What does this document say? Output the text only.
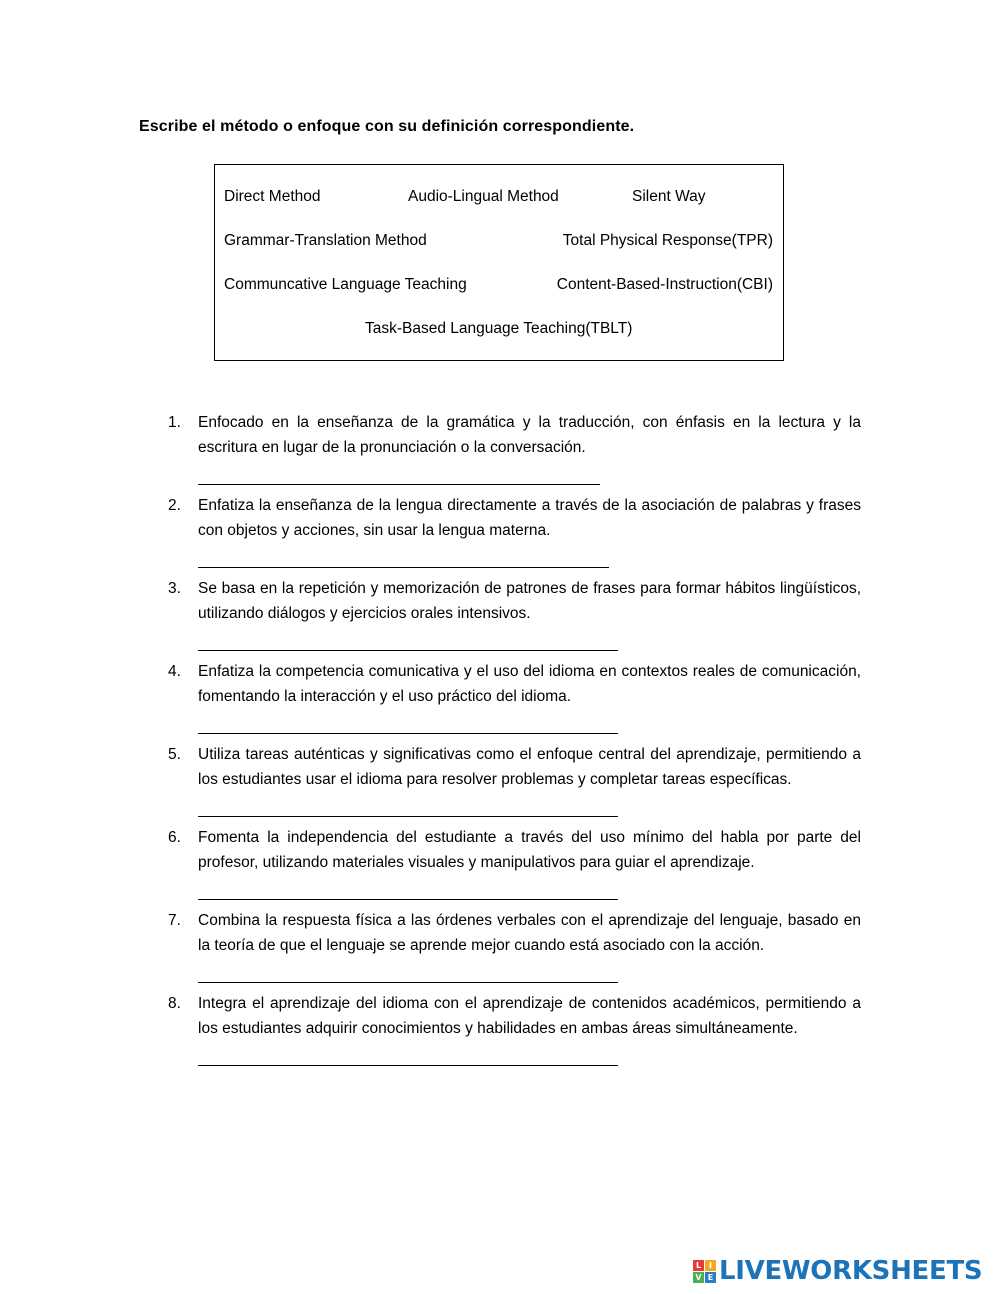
Escribe el método o enfoque con su definición correspondiente.
Direct Method	Audio-Lingual Method	Silent Way
Grammar-Translation Method	Total Physical Response(TPR)
Communcative Language Teaching	Content-Based-Instruction(CBI)
Task-Based Language Teaching(TBLT)
1. Enfocado en la enseñanza de la gramática y la traducción, con énfasis en la lectura y la escritura en lugar de la pronunciación o la conversación.
2. Enfatiza la enseñanza de la lengua directamente a través de la asociación de palabras y frases con objetos y acciones, sin usar la lengua materna.
3. Se basa en la repetición y memorización de patrones de frases para formar hábitos lingüísticos, utilizando diálogos y ejercicios orales intensivos.
4. Enfatiza la competencia comunicativa y el uso del idioma en contextos reales de comunicación, fomentando la interacción y el uso práctico del idioma.
5. Utiliza tareas auténticas y significativas como el enfoque central del aprendizaje, permitiendo a los estudiantes usar el idioma para resolver problemas y completar tareas específicas.
6. Fomenta la independencia del estudiante a través del uso mínimo del habla por parte del profesor, utilizando materiales visuales y manipulativos para guiar el aprendizaje.
7. Combina la respuesta física a las órdenes verbales con el aprendizaje del lenguaje, basado en la teoría de que el lenguaje se aprende mejor cuando está asociado con la acción.
8. Integra el aprendizaje del idioma con el aprendizaje de contenidos académicos, permitiendo a los estudiantes adquirir conocimientos y habilidades en ambas áreas simultáneamente.
L I
V E LIVEWORKSHEETS
